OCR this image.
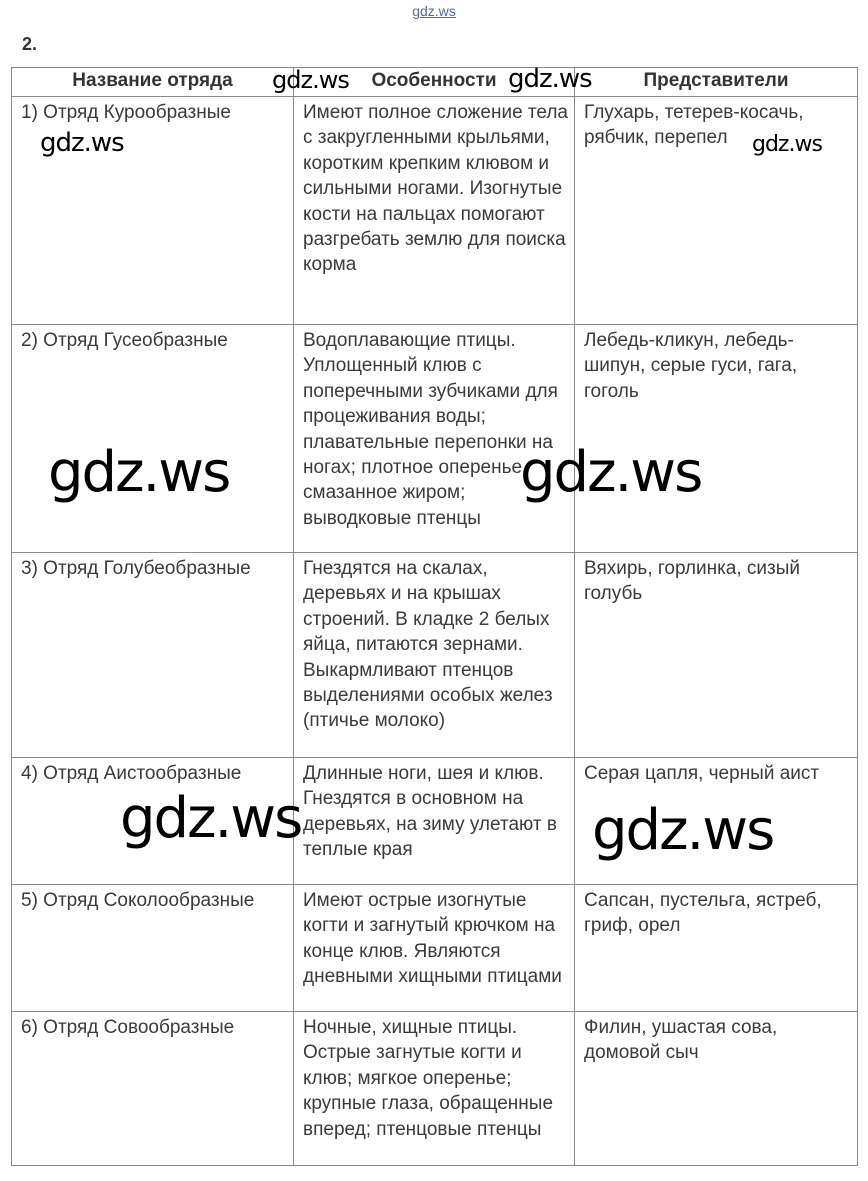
gdz.ws
2.
Название отряда	Особенности	Представители
1) Отряд Курообразные	Имеют полное сложение тела с закругленными крыльями, коротким крепким клювом и сильными ногами. Изогнутые кости на пальцах помогают разгребать землю для поиска корма	Глухарь, тетерев-косачь, рябчик, перепел
2) Отряд Гусеобразные	Водоплавающие птицы. Уплощенный клюв с поперечными зубчиками для процеживания воды; плавательные перепонки на ногах; плотное оперенье, смазанное жиром; выводковые птенцы	Лебедь-кликун, лебедь-шипун, серые гуси, гага, гоголь
3) Отряд Голубеобразные	Гнездятся на скалах, деревьях и на крышах строений. В кладке 2 белых яйца, питаются зернами. Выкармливают птенцов выделениями особых желез (птичье молоко)	Вяхирь, горлинка, сизый голубь
4) Отряд Аистообразные	Длинные ноги, шея и клюв. Гнездятся в основном на деревьях, на зиму улетают в теплые края	Серая цапля, черный аист
5) Отряд Соколообразные	Имеют острые изогнутые когти и загнутый крючком на конце клюв. Являются дневными хищными птицами	Сапсан, пустельга, ястреб, гриф, орел
6) Отряд Совообразные	Ночные, хищные птицы. Острые загнутые когти и клюв; мягкое оперенье; крупные глаза, обращенные вперед; птенцовые птенцы	Филин, ушастая сова, домовой сыч
gdz.ws	gdz.ws
gdz.ws	gdz.ws
gdz.ws	gdz.ws
gdz.ws	gdz.ws
